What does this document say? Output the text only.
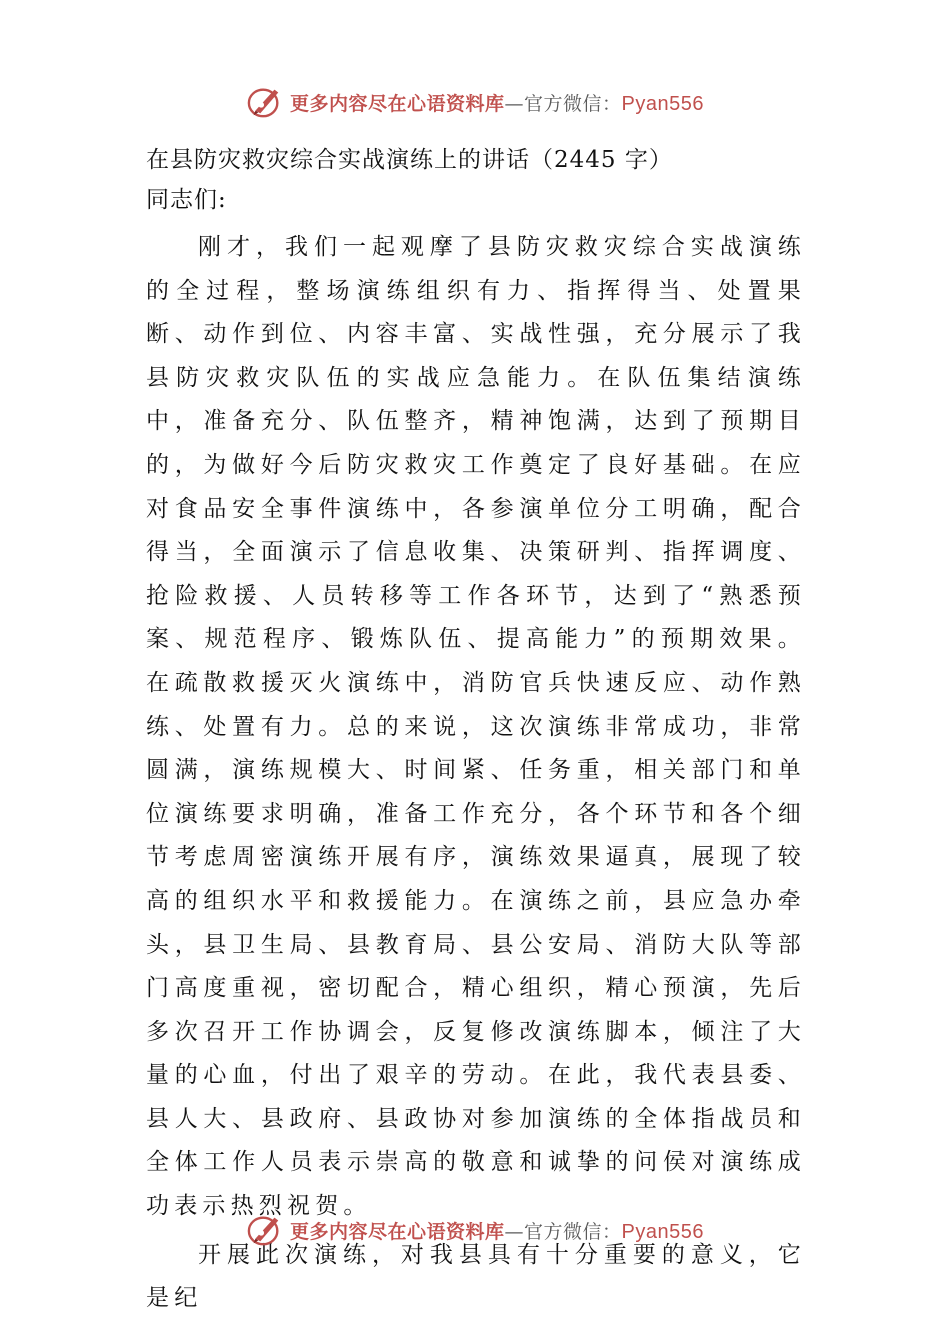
更多内容尽在心语资料库—官方微信：Pyan556

在县防灾救灾综合实战演练上的讲话（2445 字）

同志们:

刚才，我们一起观摩了县防灾救灾综合实战演练的全过程，整场演练组织有力、指挥得当、处置果断、动作到位、内容丰富、实战性强，充分展示了我县防灾救灾队伍的实战应急能力。在队伍集结演练中，准备充分、队伍整齐，精神饱满，达到了预期目的，为做好今后防灾救灾工作奠定了良好基础。在应对食品安全事件演练中，各参演单位分工明确，配合得当，全面演示了信息收集、决策研判、指挥调度、抢险救援、人员转移等工作各环节，达到了“熟悉预案、规范程序、锻炼队伍、提高能力”的预期效果。在疏散救援灭火演练中，消防官兵快速反应、动作熟练、处置有力。总的来说，这次演练非常成功，非常圆满，演练规模大、时间紧、任务重，相关部门和单位演练要求明确，准备工作充分，各个环节和各个细节考虑周密演练开展有序，演练效果逼真，展现了较高的组织水平和救援能力。在演练之前，县应急办牵头，县卫生局、县教育局、县公安局、消防大队等部门高度重视，密切配合，精心组织，精心预演，先后多次召开工作协调会，反复修改演练脚本，倾注了大量的心血，付出了艰辛的劳动。在此，我代表县委、县人大、县政府、县政协对参加演练的全体指战员和全体工作人员表示崇高的敬意和诚挚的问侯对演练成功表示热烈祝贺。

开展此次演练，对我县具有十分重要的意义，它是纪

更多内容尽在心语资料库—官方微信：Pyan556
